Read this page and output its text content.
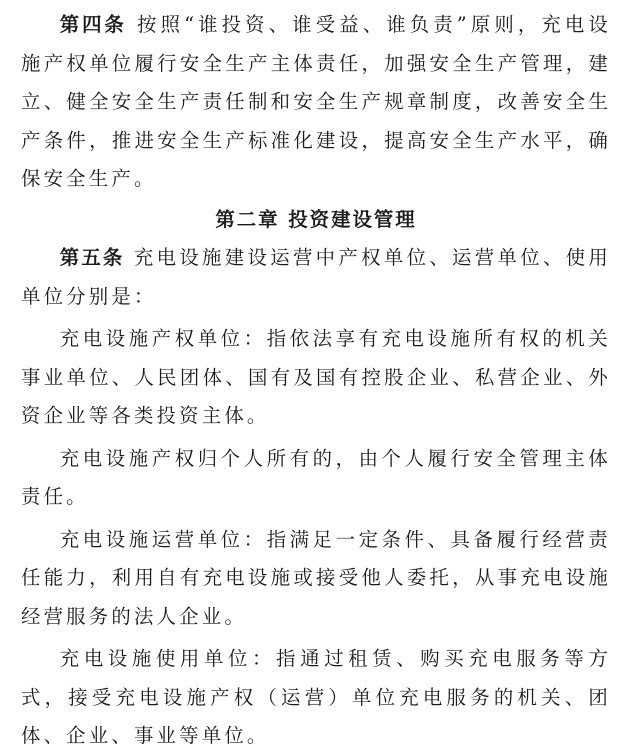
第四条 按照“谁投资、谁受益、谁负责”原则，充电设施产权单位履行安全生产主体责任，加强安全生产管理，建立、健全安全生产责任制和安全生产规章制度，改善安全生产条件，推进安全生产标准化建设，提高安全生产水平，确保安全生产。

第二章 投资建设管理

第五条 充电设施建设运营中产权单位、运营单位、使用单位分别是：

充电设施产权单位：指依法享有充电设施所有权的机关事业单位、人民团体、国有及国有控股企业、私营企业、外资企业等各类投资主体。

充电设施产权归个人所有的，由个人履行安全管理主体责任。

充电设施运营单位：指满足一定条件、具备履行经营责任能力，利用自有充电设施或接受他人委托，从事充电设施经营服务的法人企业。

充电设施使用单位：指通过租赁、购买充电服务等方式，接受充电设施产权（运营）单位充电服务的机关、团体、企业、事业等单位。
